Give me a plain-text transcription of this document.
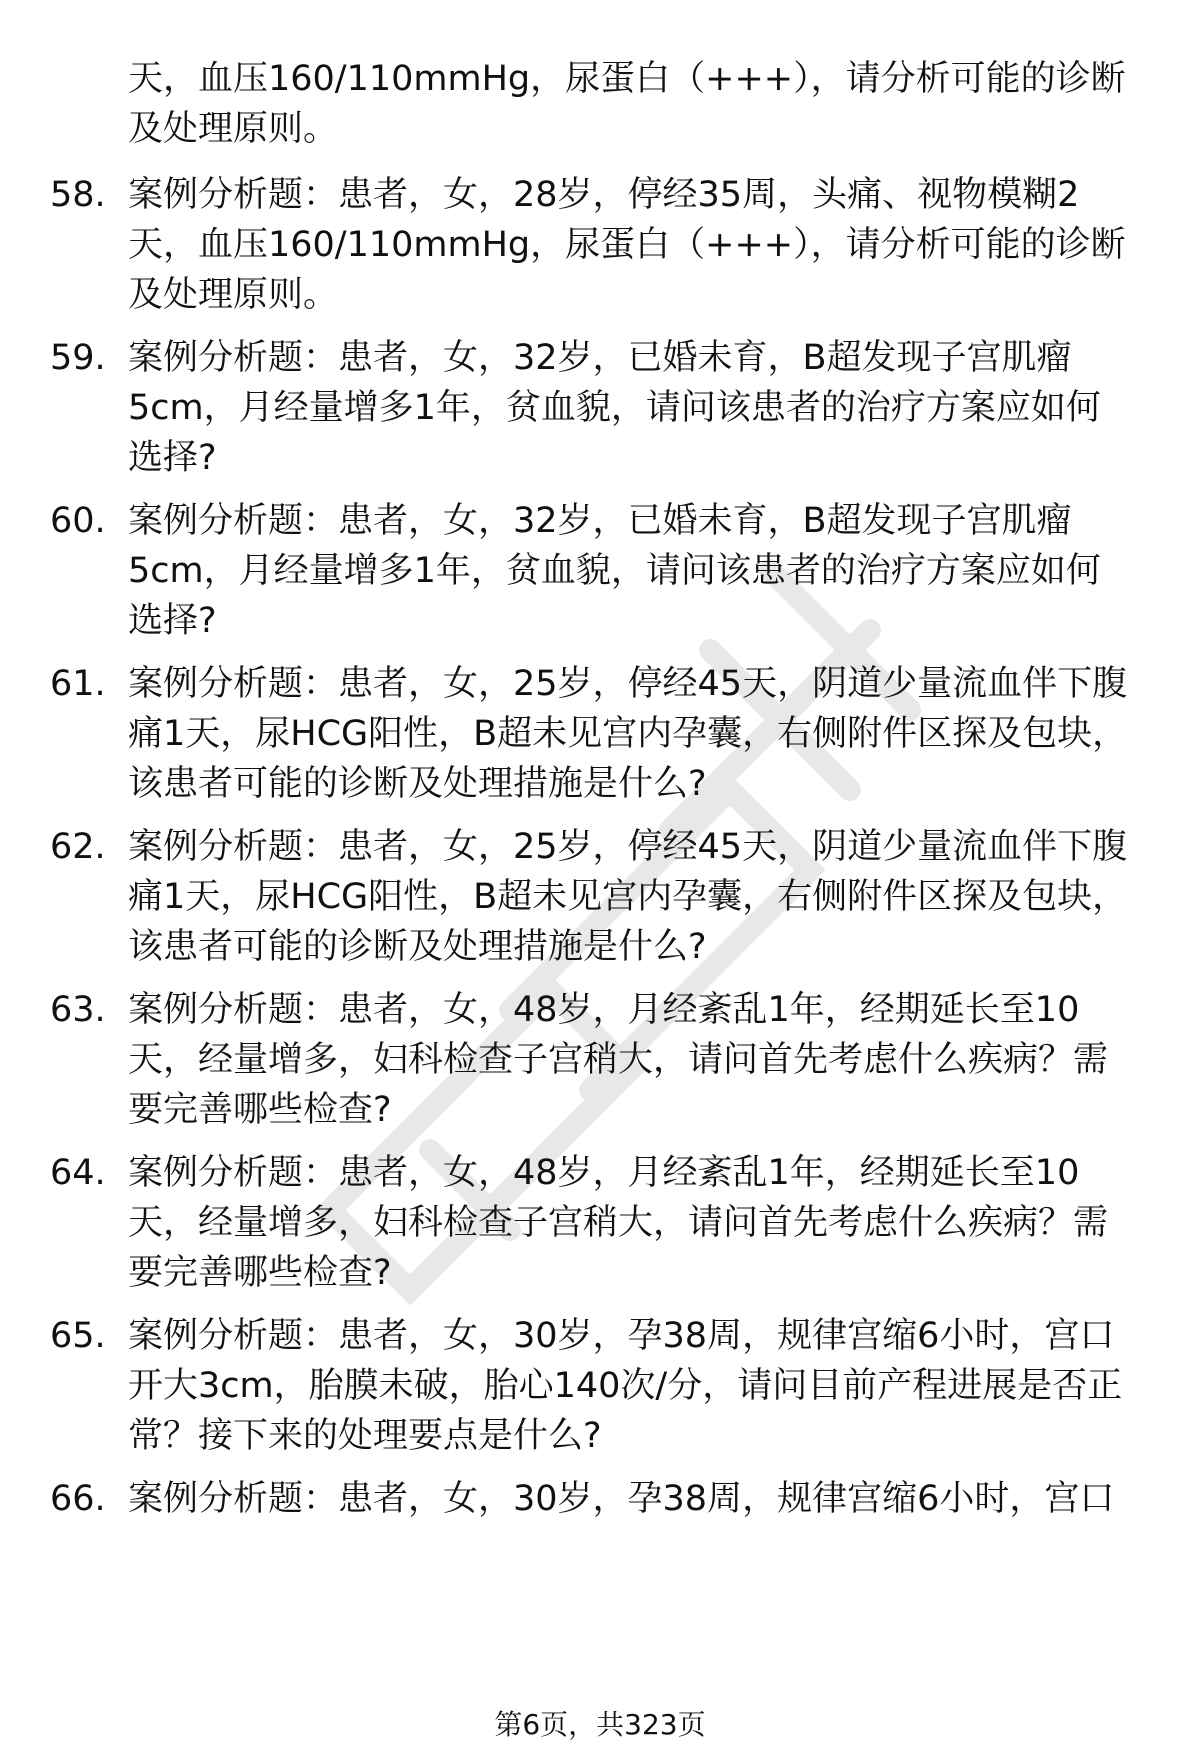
天，血压160/110mmHg，尿蛋白（+++），请分析可能的诊断
及处理原则。
58. 案例分析题：患者，女，28岁，停经35周，头痛、视物模糊2
天，血压160/110mmHg，尿蛋白（+++），请分析可能的诊断
及处理原则。
59. 案例分析题：患者，女，32岁，已婚未育，B超发现子宫肌瘤
5cm，月经量增多1年，贫血貌，请问该患者的治疗方案应如何
选择?
60. 案例分析题：患者，女，32岁，已婚未育，B超发现子宫肌瘤
5cm，月经量增多1年，贫血貌，请问该患者的治疗方案应如何
选择?
61. 案例分析题：患者，女，25岁，停经45天，阴道少量流血伴下腹
痛1天，尿HCG阳性，B超未见宫内孕囊，右侧附件区探及包块，
该患者可能的诊断及处理措施是什么?
62. 案例分析题：患者，女，25岁，停经45天，阴道少量流血伴下腹
痛1天，尿HCG阳性，B超未见宫内孕囊，右侧附件区探及包块，
该患者可能的诊断及处理措施是什么?
63. 案例分析题：患者，女，48岁，月经紊乱1年，经期延长至10
天，经量增多，妇科检查子宫稍大，请问首先考虑什么疾病？需
要完善哪些检查?
64. 案例分析题：患者，女，48岁，月经紊乱1年，经期延长至10
天，经量增多，妇科检查子宫稍大，请问首先考虑什么疾病？需
要完善哪些检查?
65. 案例分析题：患者，女，30岁，孕38周，规律宫缩6小时，宫口
开大3cm，胎膜未破，胎心140次/分，请问目前产程进展是否正
常？接下来的处理要点是什么?
66. 案例分析题：患者，女，30岁，孕38周，规律宫缩6小时，宫口
第6页，共323页
